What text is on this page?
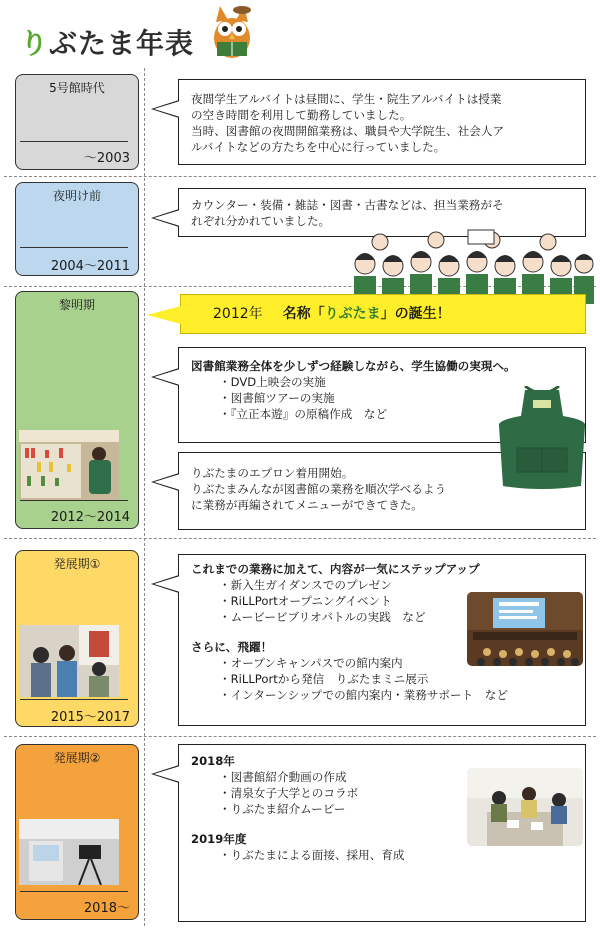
りぶたま年表
5号館時代
～2003
夜明け前
2004～2011
黎明期
2012～2014
発展期①
2015～2017
発展期②
2018～
夜間学生アルバイトは昼間に、学生・院生アルバイトは授業
の空き時間を利用して勤務していました。
当時、図書館の夜間開館業務は、職員や大学院生、社会人ア
ルバイトなどの方たちを中心に行っていました。
カウンター・装備・雑誌・図書・古書などは、担当業務がそ
れぞれ分かれていました。
2012年 名称「りぶたま」の誕生！
図書館業務全体を少しずつ経験しながら、学生協働の実現へ。
・DVD上映会の実施
・図書館ツアーの実施
・『立正本遊』の原稿作成　など
りぶたまのエプロン着用開始。
りぶたまみんなが図書館の業務を順次学べるよう
に業務が再編されてメニューができてきた。
これまでの業務に加えて、内容が一気にステップアップ
・新入生ガイダンスでのプレゼン
・RiLLPortオープニングイベント
・ムービービブリオバトルの実践　など
さらに、飛躍！
・オープンキャンパスでの館内案内
・RiLLPortから発信　りぶたまミニ展示
・インターンシップでの館内案内・業務サポート　など
2018年
・図書館紹介動画の作成
・清泉女子大学とのコラボ
・りぶたま紹介ムービー
2019年度
・りぶたまによる面接、採用、育成
